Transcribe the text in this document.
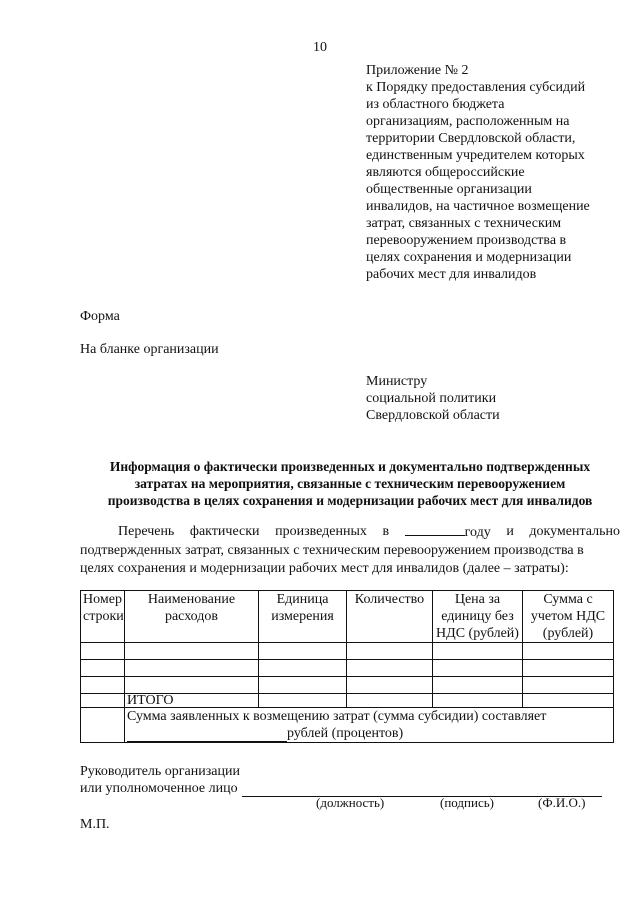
10
Приложение № 2
к Порядку предоставления субсидий
из областного бюджета
организациям, расположенным на
территории Свердловской области,
единственным учредителем которых
являются общероссийские
общественные организации
инвалидов, на частичное возмещение
затрат, связанных с техническим
перевооружением производства в
целях сохранения и модернизации
рабочих мест для инвалидов
Форма
На бланке организации
Министру
социальной политики
Свердловской области
Информация о фактически произведенных и документально подтвержденных
затратах на мероприятия, связанные с техническим перевооружением
производства в целях сохранения и модернизации рабочих мест для инвалидов
Перечень фактически произведенных в	году и документально
подтвержденных затрат, связанных с техническим перевооружением производства в
целях сохранения и модернизации рабочих мест для инвалидов (далее – затраты):
Номер строки	Наименование расходов	Единица измерения	Количество	Цена за единицу без НДС (рублей)	Сумма с учетом НДС (рублей)

	ИТОГО				

	Сумма заявленных к возмещению затрат (сумма субсидии) составляет
рублей (процентов)				
Руководитель организации
или уполномоченное лицо
(должность)	(подпись)	(Ф.И.О.)
М.П.
